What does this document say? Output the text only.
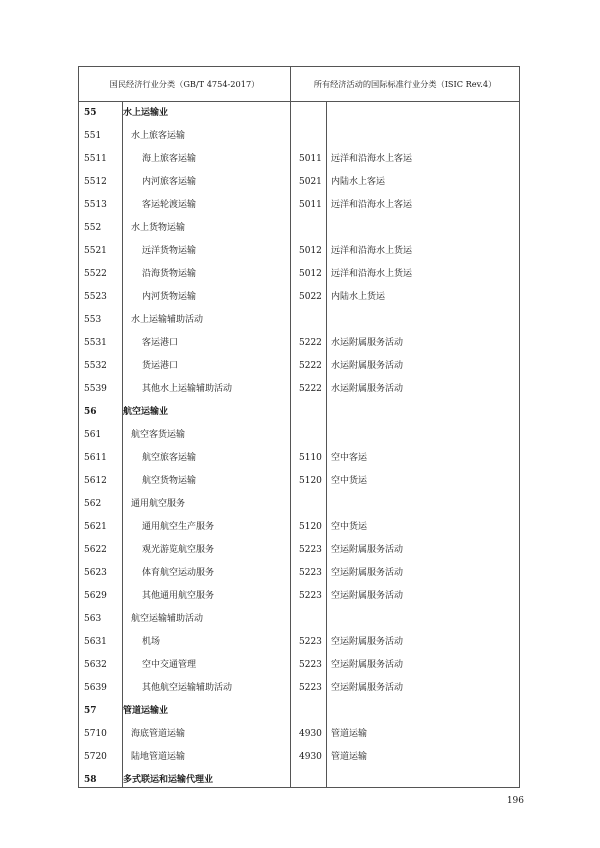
国民经济行业分类（GB/T 4754-2017）	所有经济活动的国际标准行业分类（ISIC Rev.4）
55	水上运输业
551	水上旅客运输
5511	海上旅客运输	5011 远洋和沿海水上客运
5512	内河旅客运输	5021 内陆水上客运
5513	客运轮渡运输	5011 远洋和沿海水上客运
552	水上货物运输
5521	远洋货物运输	5012 远洋和沿海水上货运
5522	沿海货物运输	5012 远洋和沿海水上货运
5523	内河货物运输	5022 内陆水上货运
553	水上运输辅助活动
5531	客运港口	5222 水运附属服务活动
5532	货运港口	5222 水运附属服务活动
5539	其他水上运输辅助活动	5222 水运附属服务活动
56	航空运输业
561	航空客货运输
5611	航空旅客运输	5110 空中客运
5612	航空货物运输	5120 空中货运
562	通用航空服务
5621	通用航空生产服务	5120 空中货运
5622	观光游览航空服务	5223 空运附属服务活动
5623	体育航空运动服务	5223 空运附属服务活动
5629	其他通用航空服务	5223 空运附属服务活动
563	航空运输辅助活动
5631	机场	5223 空运附属服务活动
5632	空中交通管理	5223 空运附属服务活动
5639	其他航空运输辅助活动	5223 空运附属服务活动
57	管道运输业
5710	海底管道运输	4930 管道运输
5720	陆地管道运输	4930 管道运输
58	多式联运和运输代理业
196
